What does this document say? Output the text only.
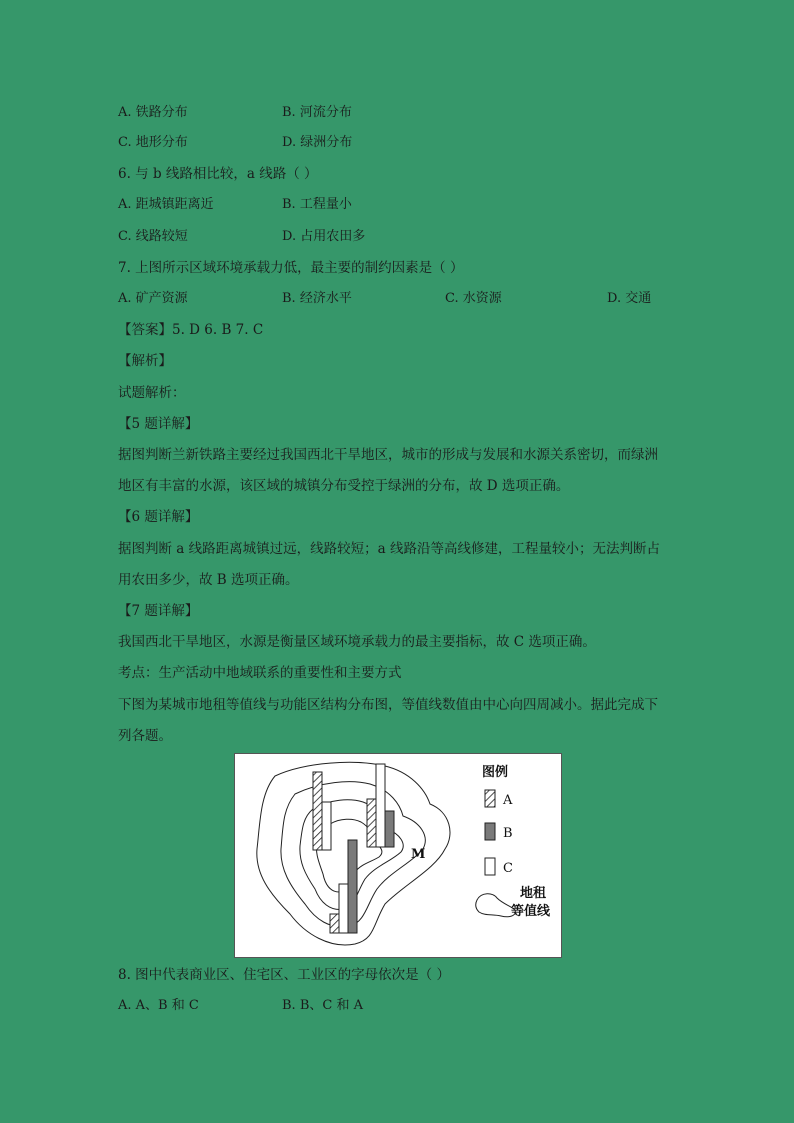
A. 铁路分布	B. 河流分布
C. 地形分布	D. 绿洲分布
6. 与 b 线路相比较，a 线路（ ）
A. 距城镇距离近	B. 工程量小
C. 线路较短	D. 占用农田多
7. 上图所示区域环境承载力低，最主要的制约因素是（ ）
A. 矿产资源	B. 经济水平	C. 水资源	D. 交通
【答案】5. D 6. B 7. C
【解析】
试题解析：
【5 题详解】
据图判断兰新铁路主要经过我国西北干旱地区，城市的形成与发展和水源关系密切，而绿洲
地区有丰富的水源，该区域的城镇分布受控于绿洲的分布，故 D 选项正确。
【6 题详解】
据图判断 a 线路距离城镇过远，线路较短；a 线路沿等高线修建，工程量较小；无法判断占
用农田多少，故 B 选项正确。
【7 题详解】
我国西北干旱地区，水源是衡量区域环境承载力的最主要指标，故 C 选项正确。
考点：生产活动中地域联系的重要性和主要方式
下图为某城市地租等值线与功能区结构分布图，等值线数值由中心向四周减小。据此完成下
列各题。
M
图例
A
B
C
地租
等值线
8. 图中代表商业区、住宅区、工业区的字母依次是（ ）
A. A、B 和 C	B. B、C 和 A
